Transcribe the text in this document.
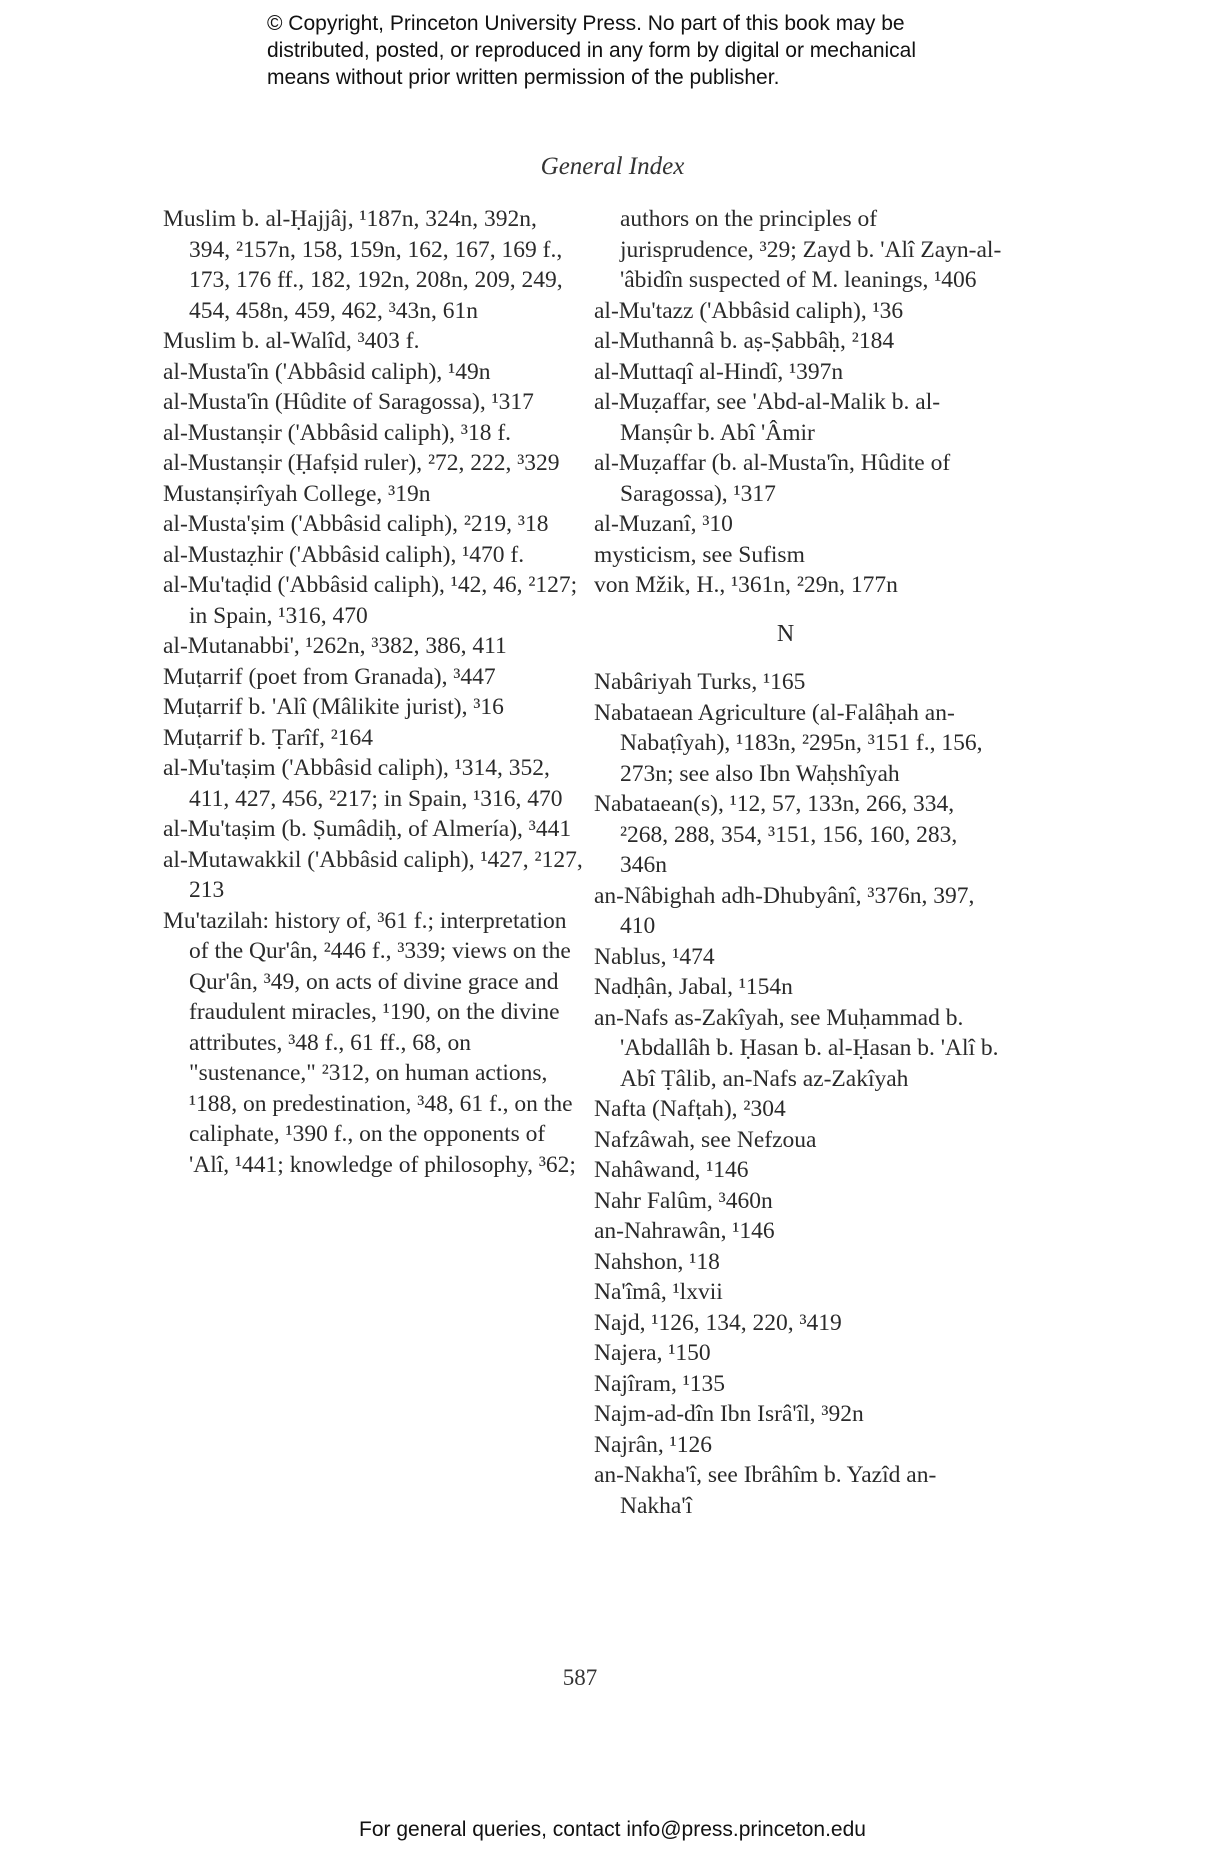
© Copyright, Princeton University Press. No part of this book may be
distributed, posted, or reproduced in any form by digital or mechanical
means without prior written permission of the publisher.
General Index

Muslim b. al-Ḥajjâj, ¹187n, 324n, 392n, 394, ²157n, 158, 159n, 162, 167, 169 f., 173, 176 ff., 182, 192n, 208n, 209, 249, 454, 458n, 459, 462, ³43n, 61n

Muslim b. al-Walîd, ³403 f.

al-Musta'în ('Abbâsid caliph), ¹49n

al-Musta'în (Hûdite of Saragossa), ¹317

al-Mustanṣir ('Abbâsid caliph), ³18 f.

al-Mustanṣir (Ḥafṣid ruler), ²72, 222, ³329

Mustanṣirîyah College, ³19n

al-Musta'ṣim ('Abbâsid caliph), ²219, ³18

al-Mustaẓhir ('Abbâsid caliph), ¹470 f.

al-Mu'taḍid ('Abbâsid caliph), ¹42, 46, ²127; in Spain, ¹316, 470

al-Mutanabbi', ¹262n, ³382, 386, 411

Muṭarrif (poet from Granada), ³447

Muṭarrif b. 'Alî (Mâlikite jurist), ³16

Muṭarrif b. Ṭarîf, ²164

al-Mu'taṣim ('Abbâsid caliph), ¹314, 352, 411, 427, 456, ²217; in Spain, ¹316, 470

al-Mu'taṣim (b. Ṣumâdiḥ, of Almería), ³441

al-Mutawakkil ('Abbâsid caliph), ¹427, ²127, 213

Mu'tazilah: history of, ³61 f.; interpretation of the Qur'ân, ²446 f., ³339; views on the Qur'ân, ³49, on acts of divine grace and fraudulent miracles, ¹190, on the divine attributes, ³48 f., 61 ff., 68, on "sustenance," ²312, on human actions, ¹188, on predestination, ³48, 61 f., on the caliphate, ¹390 f., on the opponents of 'Alî, ¹441; knowledge of philosophy, ³62;

authors on the principles of jurisprudence, ³29; Zayd b. 'Alî Zayn-al-'âbidîn suspected of M. leanings, ¹406

al-Mu'tazz ('Abbâsid caliph), ¹36

al-Muthannâ b. aṣ-Ṣabbâḥ, ²184

al-Muttaqî al-Hindî, ¹397n

al-Muẓaffar, see 'Abd-al-Malik b. al-Manṣûr b. Abî 'Âmir

al-Muẓaffar (b. al-Musta'în, Hûdite of Saragossa), ¹317

al-Muzanî, ³10

mysticism, see Sufism

von Mžik, H., ¹361n, ²29n, 177n

N

Nabâriyah Turks, ¹165

Nabataean Agriculture (al-Falâḥah an-Nabaṭîyah), ¹183n, ²295n, ³151 f., 156, 273n; see also Ibn Waḥshîyah

Nabataean(s), ¹12, 57, 133n, 266, 334, ²268, 288, 354, ³151, 156, 160, 283, 346n

an-Nâbighah adh-Dhubyânî, ³376n, 397, 410

Nablus, ¹474

Nadḥân, Jabal, ¹154n

an-Nafs as-Zakîyah, see Muḥammad b. 'Abdallâh b. Ḥasan b. al-Ḥasan b. 'Alî b. Abî Ṭâlib, an-Nafs az-Zakîyah

Nafta (Nafṭah), ²304

Nafzâwah, see Nefzoua

Nahâwand, ¹146

Nahr Falûm, ³460n

an-Nahrawân, ¹146

Nahshon, ¹18

Na'îmâ, ¹lxvii

Najd, ¹126, 134, 220, ³419

Najera, ¹150

Najîram, ¹135

Najm-ad-dîn Ibn Isrâ'îl, ³92n

Najrân, ¹126

an-Nakha'î, see Ibrâhîm b. Yazîd an-Nakha'î

587
For general queries, contact info@press.princeton.edu
